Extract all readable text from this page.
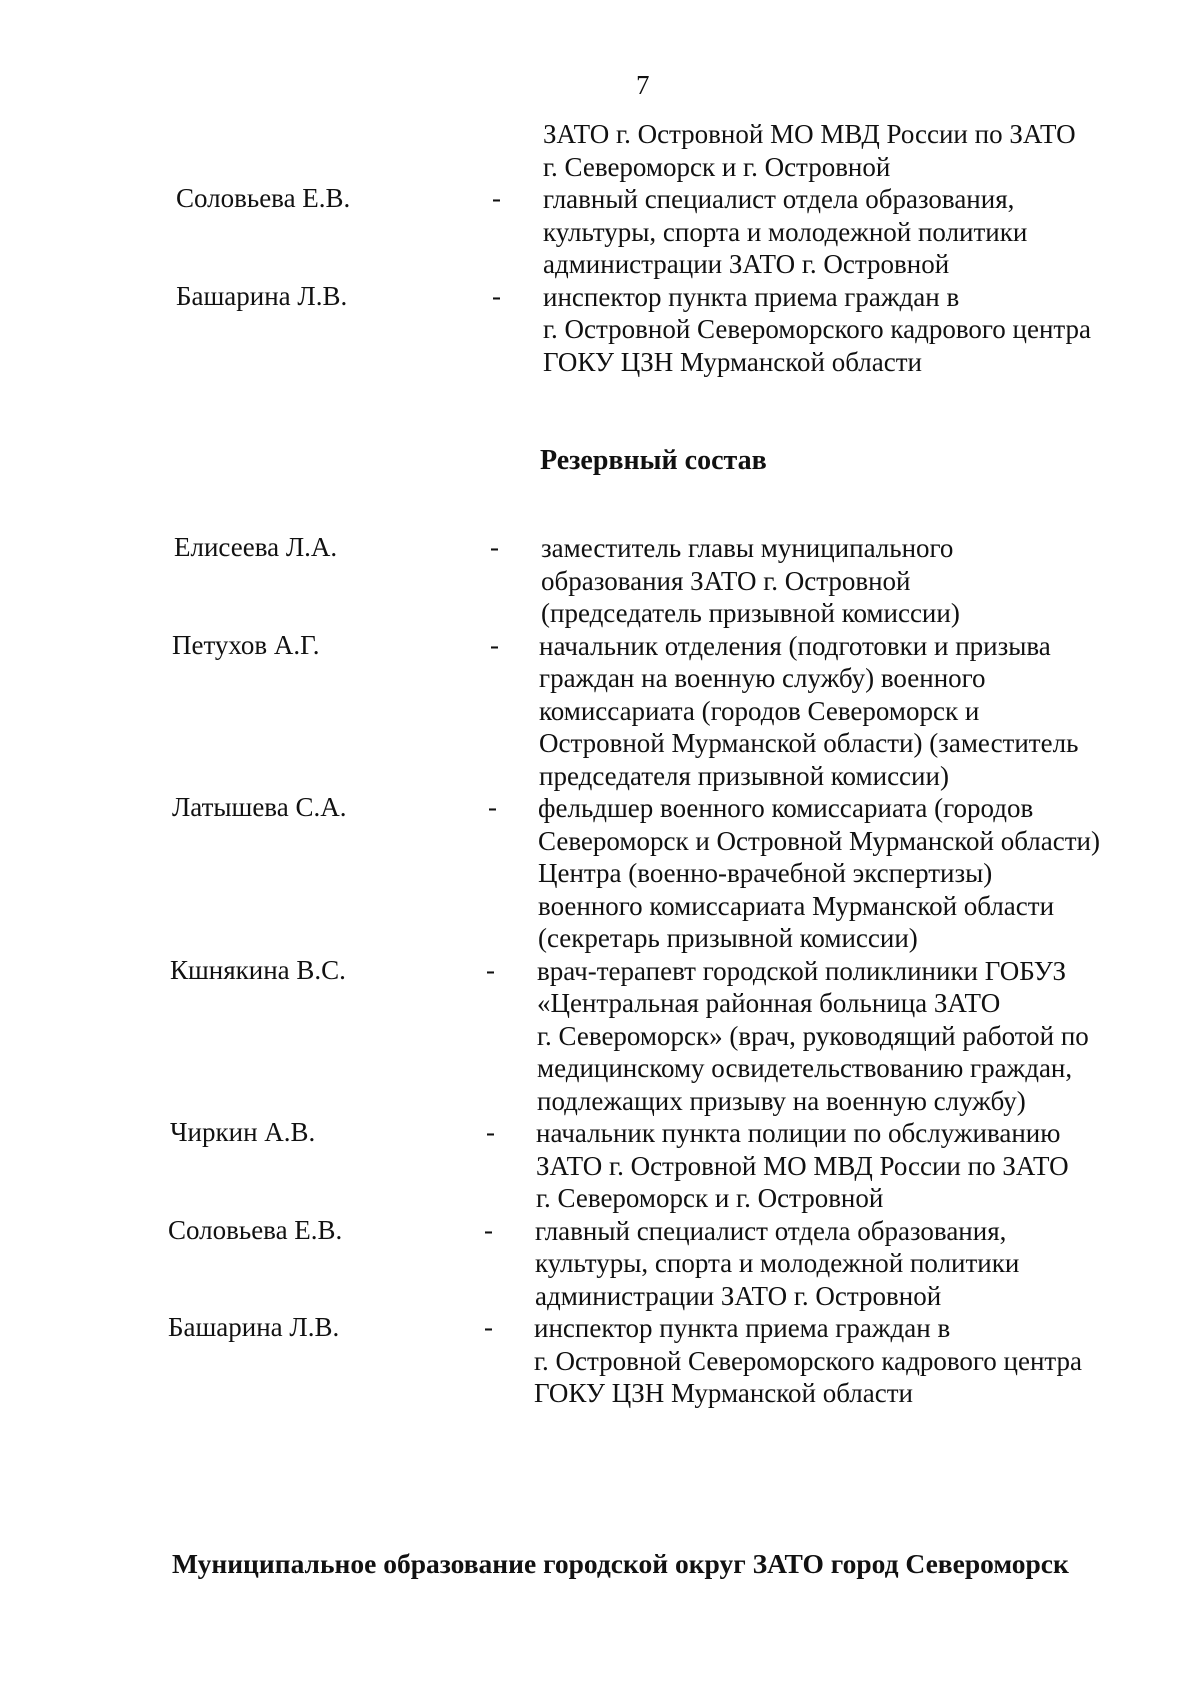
7
ЗАТО г. Островной МО МВД России по ЗАТО
г. Североморск и г. Островной
Соловьева Е.В.	- главный специалист отдела образования,
культуры, спорта и молодежной политики
администрации ЗАТО г. Островной
Башарина Л.В.	- инспектор пункта приема граждан в
г. Островной Североморского кадрового центра
ГОКУ ЦЗН Мурманской области
Резервный состав
Елисеева Л.А.	- заместитель главы муниципального
образования ЗАТО г. Островной
(председатель призывной комиссии)
Петухов А.Г.	- начальник отделения (подготовки и призыва
граждан на военную службу) военного
комиссариата (городов Североморск и
Островной Мурманской области) (заместитель
председателя призывной комиссии)
Латышева С.А.	- фельдшер военного комиссариата (городов
Североморск и Островной Мурманской области)
Центра (военно-врачебной экспертизы)
военного комиссариата Мурманской области
(секретарь призывной комиссии)
Кшнякина В.С.	- врач-терапевт городской поликлиники ГОБУЗ
«Центральная районная больница ЗАТО
г. Североморск» (врач, руководящий работой по
медицинскому освидетельствованию граждан,
подлежащих призыву на военную службу)
Чиркин А.В.	- начальник пункта полиции по обслуживанию
ЗАТО г. Островной МО МВД России по ЗАТО
г. Североморск и г. Островной
Соловьева Е.В.	- главный специалист отдела образования,
культуры, спорта и молодежной политики
администрации ЗАТО г. Островной
Башарина Л.В.	- инспектор пункта приема граждан в
г. Островной Североморского кадрового центра
ГОКУ ЦЗН Мурманской области
Муниципальное образование городской округ ЗАТО город Североморск
